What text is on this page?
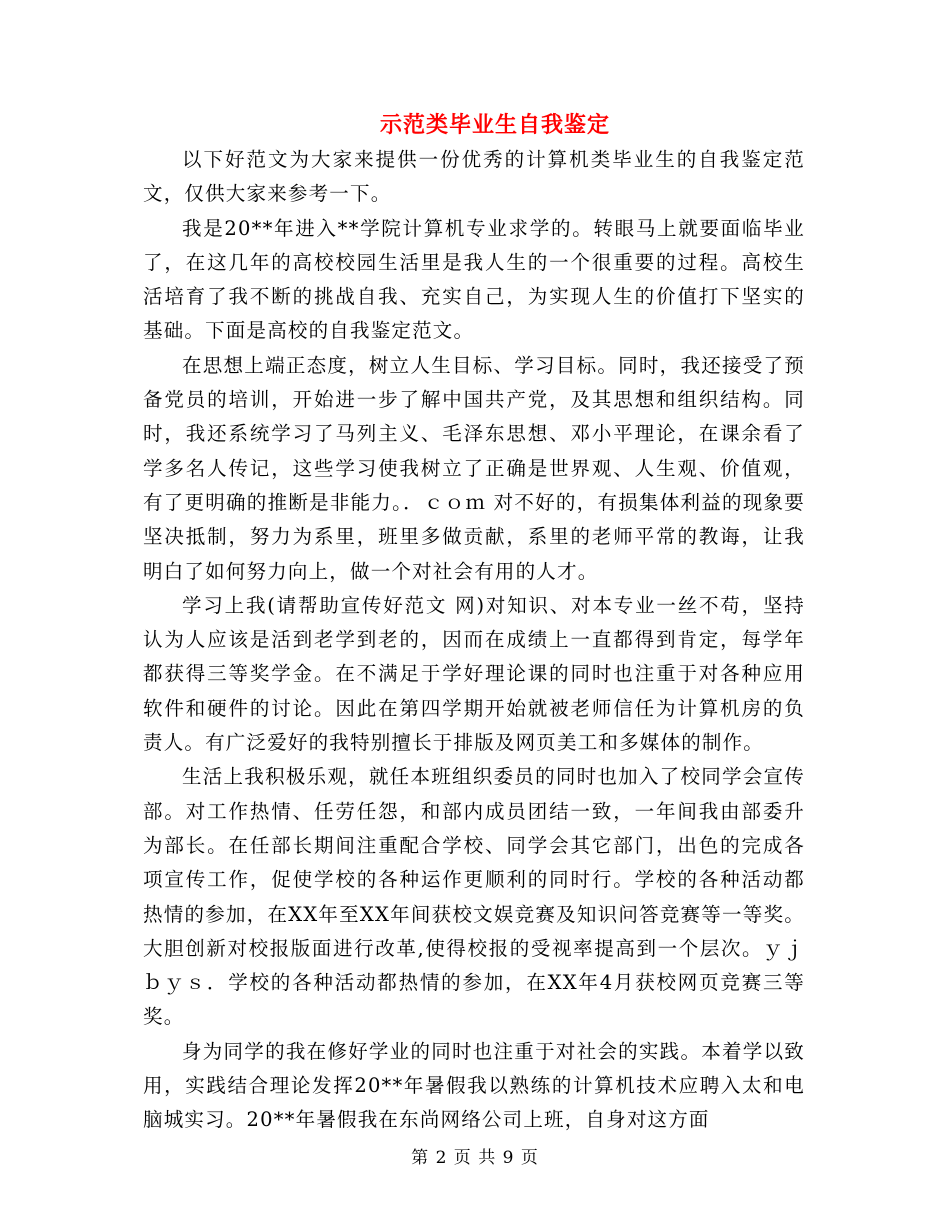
示范类毕业生自我鉴定

以下好范文为大家来提供一份优秀的计算机类毕业生的自我鉴定范文，仅供大家来参考一下。

我是20**年进入**学院计算机专业求学的。转眼马上就要面临毕业了，在这几年的高校校园生活里是我人生的一个很重要的过程。高校生活培育了我不断的挑战自我、充实自己，为实现人生的价值打下坚实的基础。下面是高校的自我鉴定范文。

在思想上端正态度，树立人生目标、学习目标。同时，我还接受了预备党员的培训，开始进一步了解中国共产党，及其思想和组织结构。同时，我还系统学习了马列主义、毛泽东思想、邓小平理论，在课余看了学多名人传记，这些学习使我树立了正确是世界观、人生观、价值观，有了更明确的推断是非能力。．ｃｏｍ 对不好的，有损集体利益的现象要坚决抵制，努力为系里，班里多做贡献，系里的老师平常的教诲，让我明白了如何努力向上，做一个对社会有用的人才。

学习上我(请帮助宣传好范文 网)对知识、对本专业一丝不苟，坚持认为人应该是活到老学到老的，因而在成绩上一直都得到肯定，每学年都获得三等奖学金。在不满足于学好理论课的同时也注重于对各种应用软件和硬件的讨论。因此在第四学期开始就被老师信任为计算机房的负责人。有广泛爱好的我特别擅长于排版及网页美工和多媒体的制作。

生活上我积极乐观，就任本班组织委员的同时也加入了校同学会宣传部。对工作热情、任劳任怨，和部内成员团结一致，一年间我由部委升为部长。在任部长期间注重配合学校、同学会其它部门，出色的完成各项宣传工作，促使学校的各种运作更顺利的同时行。学校的各种活动都热情的参加，在XX年至XX年间获校文娱竞赛及知识问答竞赛等一等奖。大胆创新对校报版面进行改革,使得校报的受视率提高到一个层次。ｙｊｂｙｓ．学校的各种活动都热情的参加，在XX年4月获校网页竞赛三等奖。

身为同学的我在修好学业的同时也注重于对社会的实践。本着学以致用，实践结合理论发挥20**年暑假我以熟练的计算机技术应聘入太和电脑城实习。20**年暑假我在东尚网络公司上班，自身对这方面

第 2 页 共 9 页
